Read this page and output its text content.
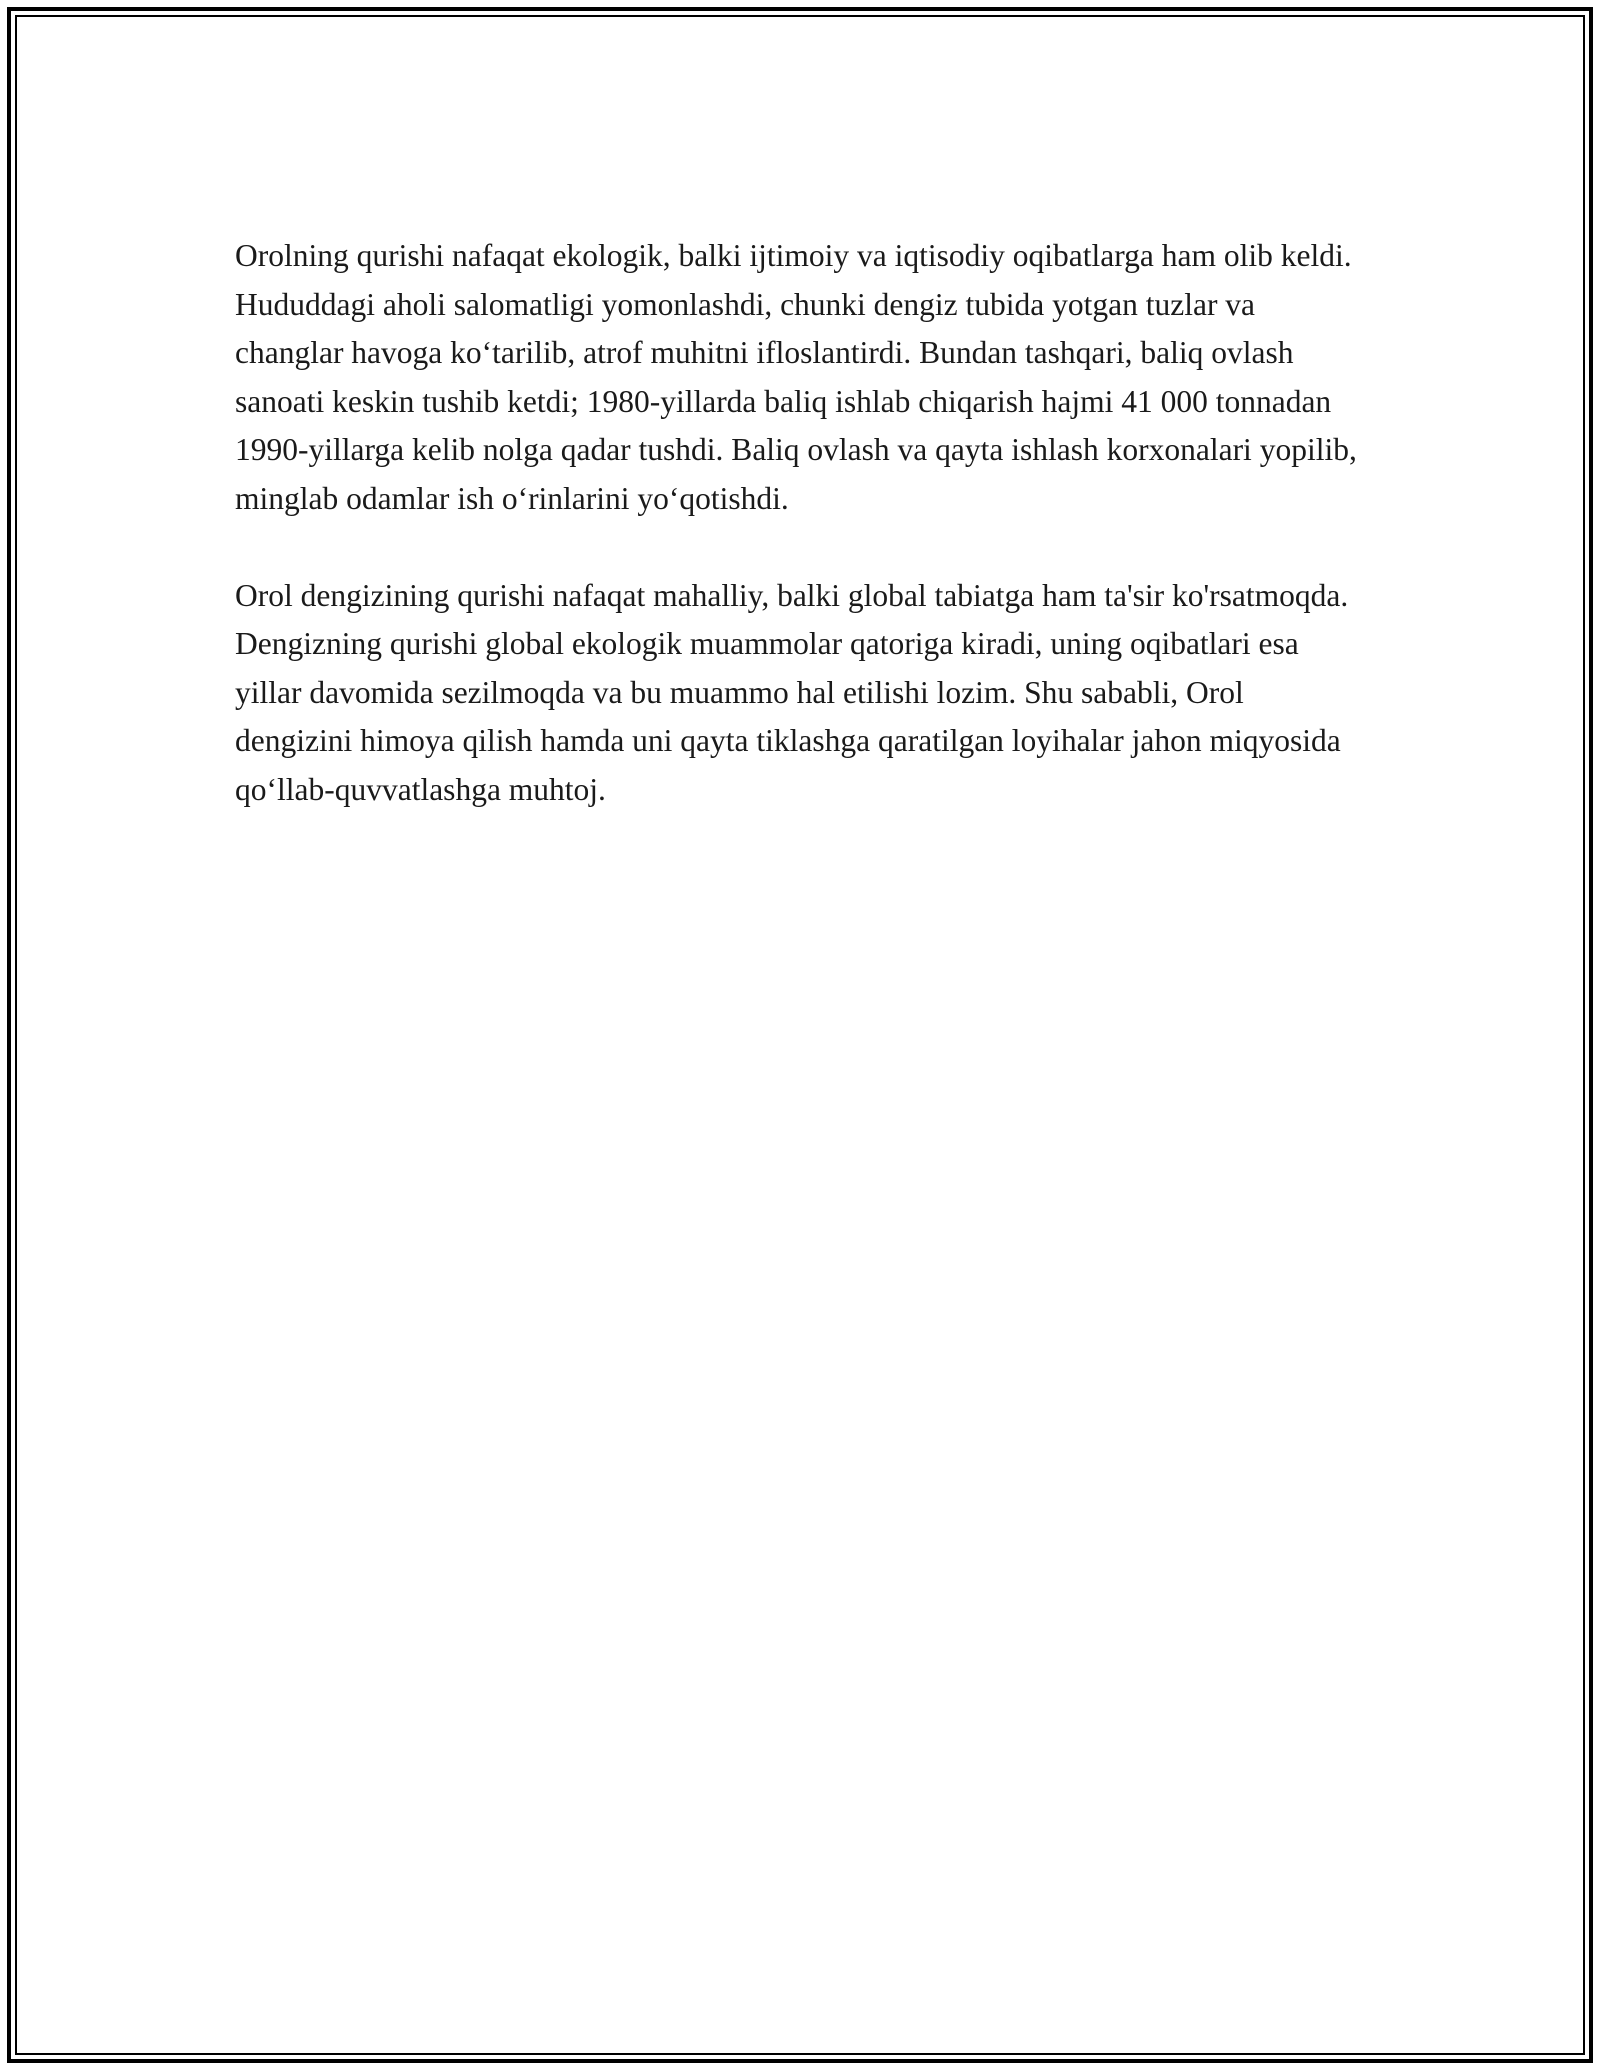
Orolning qurishi nafaqat ekologik, balki ijtimoiy va iqtisodiy oqibatlarga ham olib keldi. Hududdagi aholi salomatligi yomonlashdi, chunki dengiz tubida yotgan tuzlar va changlar havoga ko‘tarilib, atrof muhitni ifloslantirdi. Bundan tashqari, baliq ovlash sanoati keskin tushib ketdi; 1980-yillarda baliq ishlab chiqarish hajmi 41 000 tonnadan 1990-yillarga kelib nolga qadar tushdi. Baliq ovlash va qayta ishlash korxonalari yopilib, minglab odamlar ish o‘rinlarini yo‘qotishdi.

Orol dengizining qurishi nafaqat mahalliy, balki global tabiatga ham ta'sir ko'rsatmoqda. Dengizning qurishi global ekologik muammolar qatoriga kiradi, uning oqibatlari esa yillar davomida sezilmoqda va bu muammo hal etilishi lozim. Shu sababli, Orol dengizini himoya qilish hamda uni qayta tiklashga qaratilgan loyihalar jahon miqyosida qo‘llab-quvvatlashga muhtoj.
